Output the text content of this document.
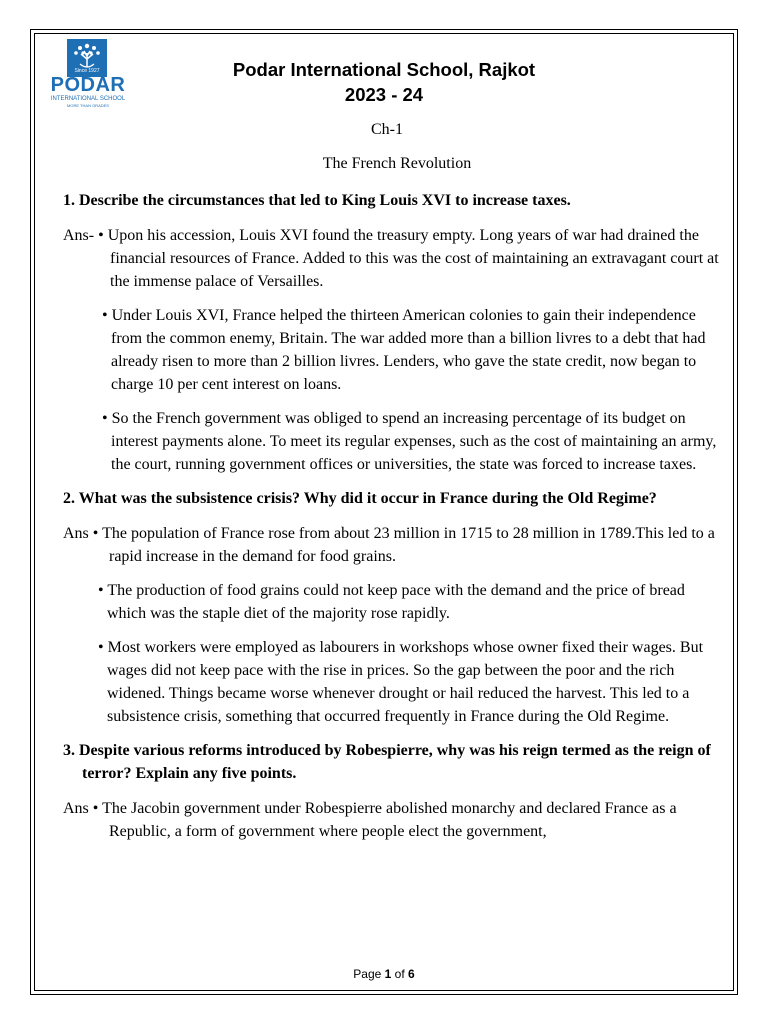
Since 1927
PODAR
INTERNATIONAL SCHOOL
MORE THAN GRADES
Podar International School, Rajkot
2023 - 24
Ch-1
The French Revolution

1. Describe the circumstances that led to King Louis XVI to increase taxes.

Ans- • Upon his accession, Louis XVI found the treasury empty. Long years of war had drained the financial resources of France. Added to this was the cost of maintaining an extravagant court at the immense palace of Versailles.

• Under Louis XVI, France helped the thirteen American colonies to gain their independence from the common enemy, Britain. The war added more than a billion livres to a debt that had already risen to more than 2 billion livres. Lenders, who gave the state credit, now began to charge 10 per cent interest on loans.

• So the French government was obliged to spend an increasing percentage of its budget on interest payments alone. To meet its regular expenses, such as the cost of maintaining an army, the court, running government offices or universities, the state was forced to increase taxes.

2. What was the subsistence crisis? Why did it occur in France during the Old Regime?

Ans • The population of France rose from about 23 million in 1715 to 28 million in 1789.This led to a rapid increase in the demand for food grains.

• The production of food grains could not keep pace with the demand and the price of bread which was the staple diet of the majority rose rapidly.

• Most workers were employed as labourers in workshops whose owner fixed their wages. But wages did not keep pace with the rise in prices. So the gap between the poor and the rich widened. Things became worse whenever drought or hail reduced the harvest. This led to a subsistence crisis, something that occurred frequently in France during the Old Regime.

3. Despite various reforms introduced by Robespierre, why was his reign termed as the reign of terror? Explain any five points.

Ans • The Jacobin government under Robespierre abolished monarchy and declared France as a Republic, a form of government where people elect the government,

Page 1 of 6
